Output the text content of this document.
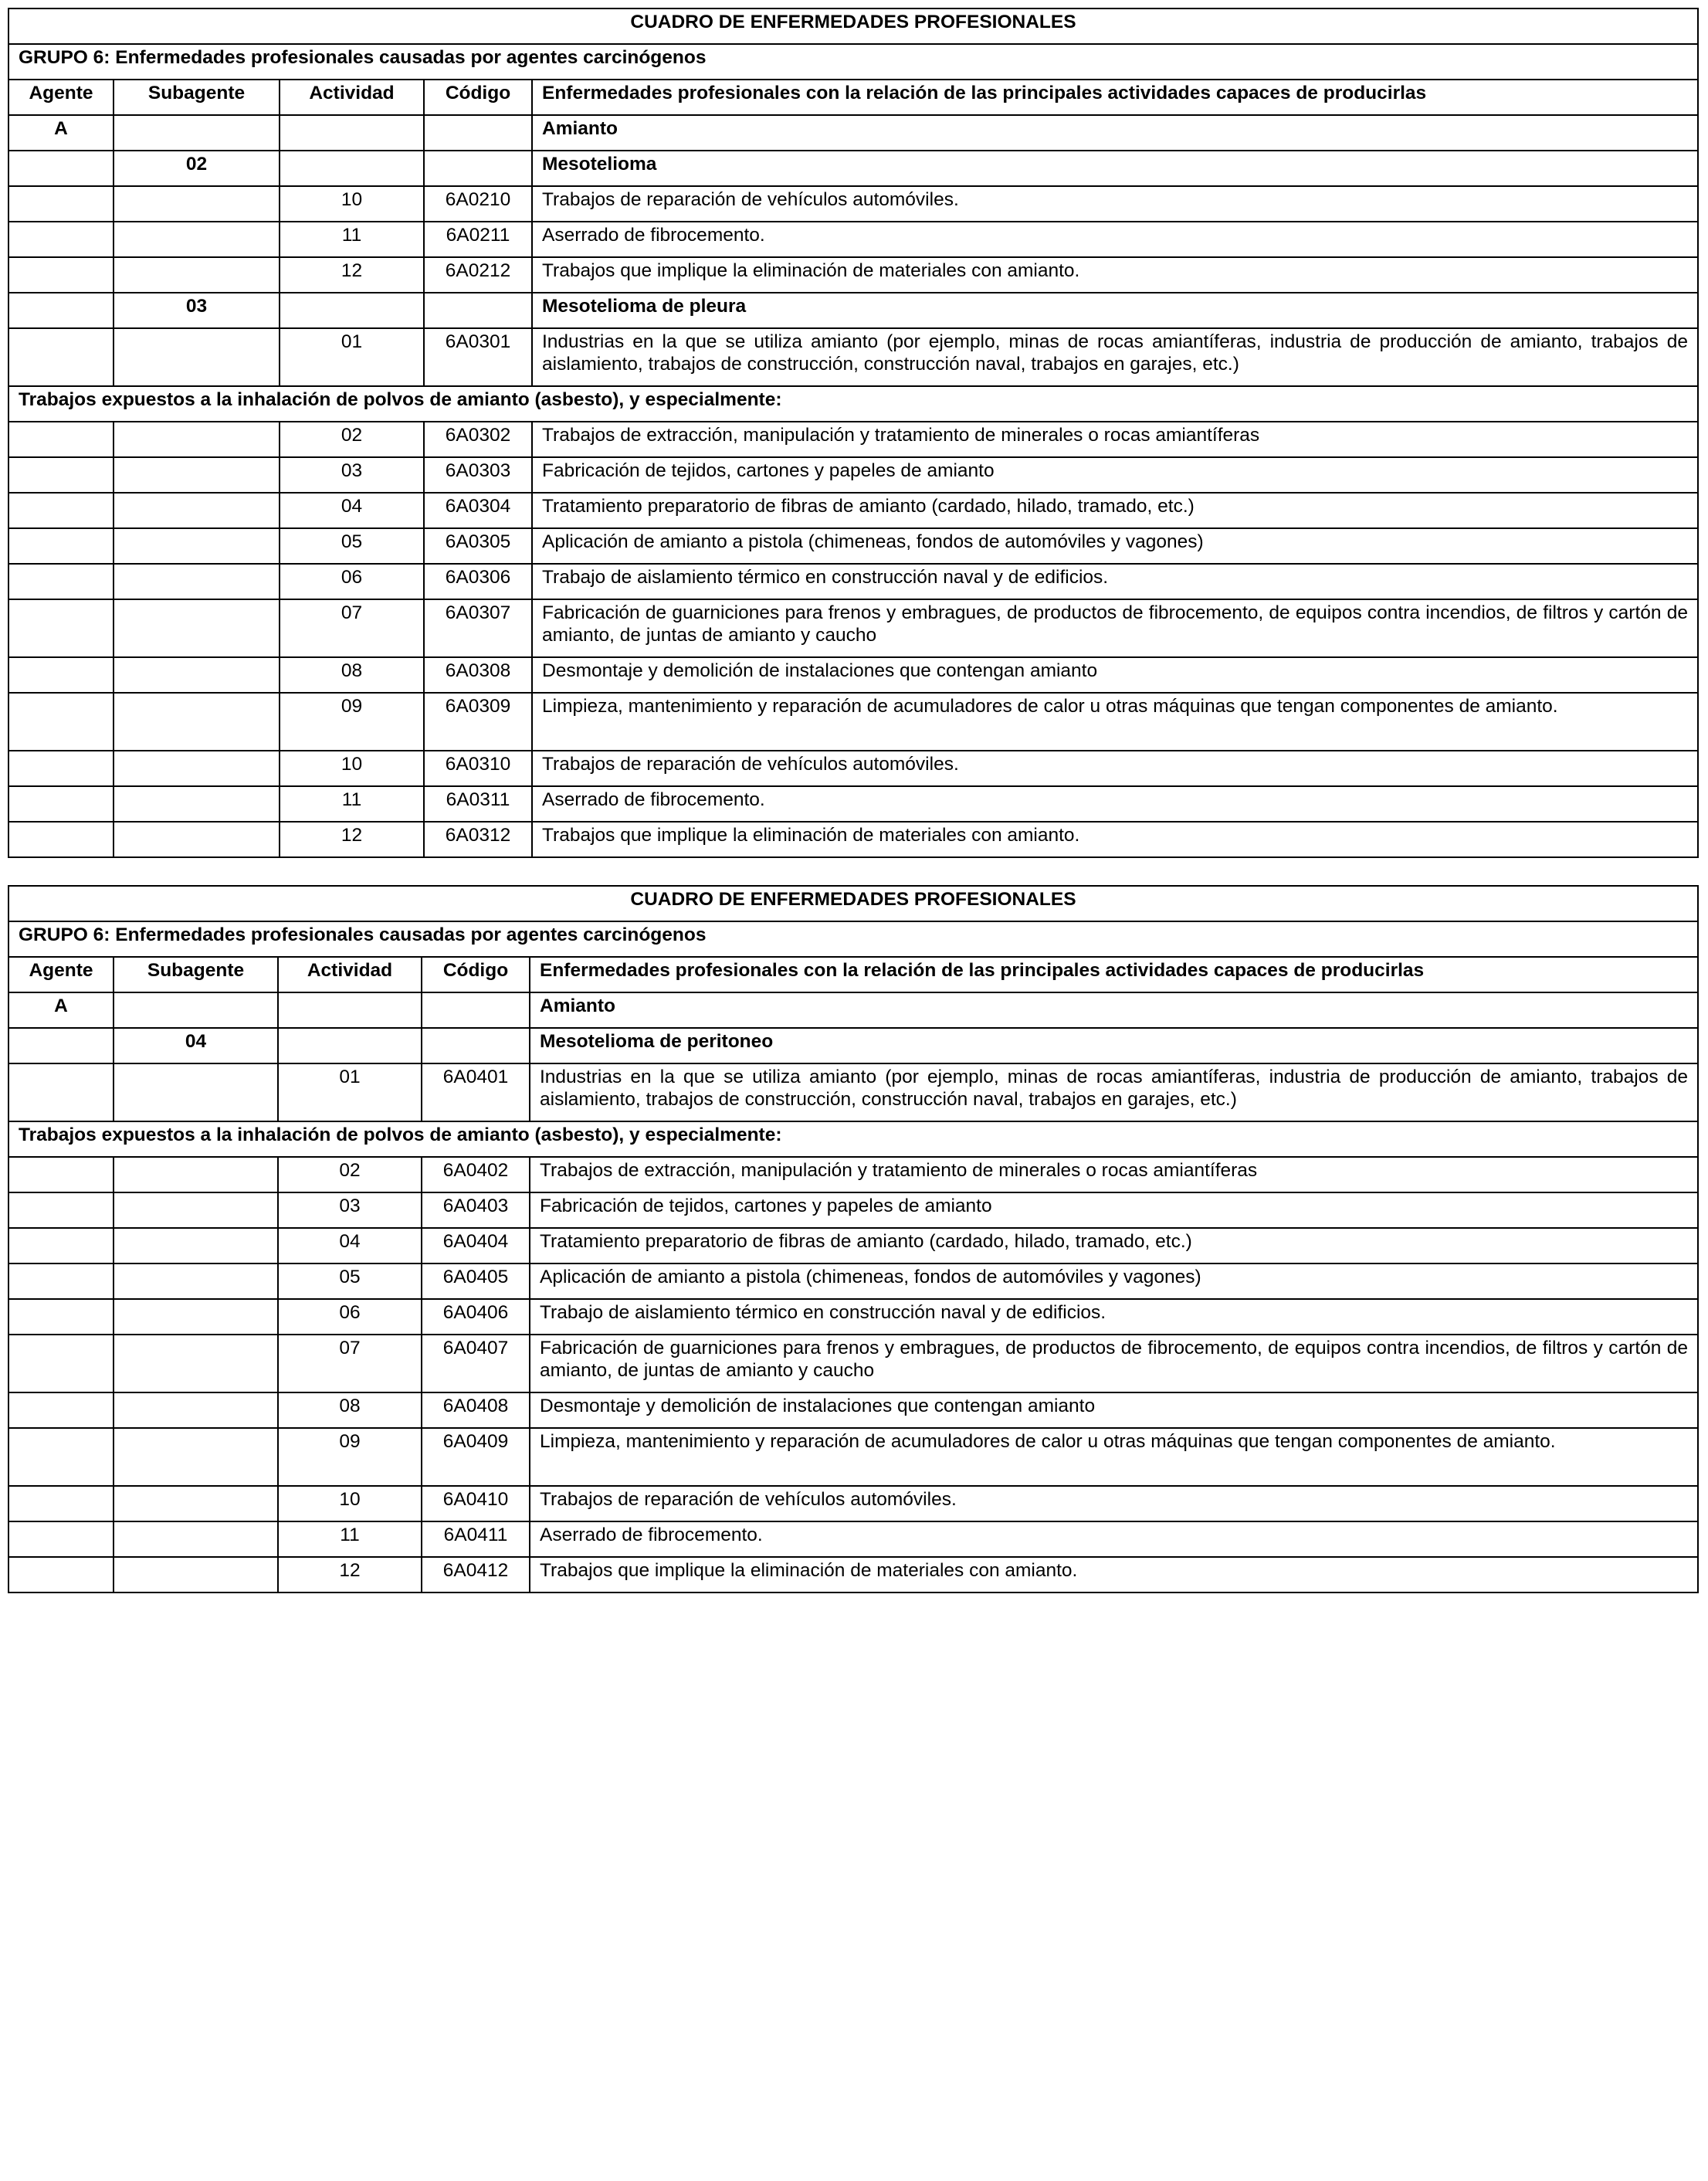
CUADRO DE ENFERMEDADES PROFESIONALES				
GRUPO 6: Enfermedades profesionales causadas por agentes carcinógenos				
Agente	Subagente	Actividad	Código	Enfermedades profesionales con la relación de las principales actividades capaces de producirlas
A				Amianto
	02			Mesotelioma
		10	6A0210	Trabajos de reparación de vehículos automóviles.
		11	6A0211	Aserrado de fibrocemento.
		12	6A0212	Trabajos que implique la eliminación de materiales con amianto.
	03			Mesotelioma de pleura
		01	6A0301	Industrias en la que se utiliza amianto (por ejemplo, minas de rocas amiantíferas, industria de producción de amianto, trabajos de aislamiento, trabajos de construcción, construcción naval, trabajos en garajes, etc.)
Trabajos expuestos a la inhalación de polvos de amianto (asbesto), y especialmente:				
		02	6A0302	Trabajos de extracción, manipulación y tratamiento de minerales o rocas amiantíferas
		03	6A0303	Fabricación de tejidos, cartones y papeles de amianto
		04	6A0304	Tratamiento preparatorio de fibras de amianto (cardado, hilado, tramado, etc.)
		05	6A0305	Aplicación de amianto a pistola (chimeneas, fondos de automóviles y vagones)
		06	6A0306	Trabajo de aislamiento térmico en construcción naval y de edificios.
		07	6A0307	Fabricación de guarniciones para frenos y embragues, de productos de fibrocemento, de equipos contra incendios, de filtros y cartón de amianto, de juntas de amianto y caucho
		08	6A0308	Desmontaje y demolición de instalaciones que contengan amianto
		09	6A0309	Limpieza, mantenimiento y reparación de acumuladores de calor u otras máquinas que tengan componentes de amianto.
		10	6A0310	Trabajos de reparación de vehículos automóviles.
		11	6A0311	Aserrado de fibrocemento.
		12	6A0312	Trabajos que implique la eliminación de materiales con amianto.
CUADRO DE ENFERMEDADES PROFESIONALES				
GRUPO 6: Enfermedades profesionales causadas por agentes carcinógenos				
Agente	Subagente	Actividad	Código	Enfermedades profesionales con la relación de las principales actividades capaces de producirlas
A				Amianto
	04			Mesotelioma de peritoneo
		01	6A0401	Industrias en la que se utiliza amianto (por ejemplo, minas de rocas amiantíferas, industria de producción de amianto, trabajos de aislamiento, trabajos de construcción, construcción naval, trabajos en garajes, etc.)
Trabajos expuestos a la inhalación de polvos de amianto (asbesto), y especialmente:				
		02	6A0402	Trabajos de extracción, manipulación y tratamiento de minerales o rocas amiantíferas
		03	6A0403	Fabricación de tejidos, cartones y papeles de amianto
		04	6A0404	Tratamiento preparatorio de fibras de amianto (cardado, hilado, tramado, etc.)
		05	6A0405	Aplicación de amianto a pistola (chimeneas, fondos de automóviles y vagones)
		06	6A0406	Trabajo de aislamiento térmico en construcción naval y de edificios.
		07	6A0407	Fabricación de guarniciones para frenos y embragues, de productos de fibrocemento, de equipos contra incendios, de filtros y cartón de amianto, de juntas de amianto y caucho
		08	6A0408	Desmontaje y demolición de instalaciones que contengan amianto
		09	6A0409	Limpieza, mantenimiento y reparación de acumuladores de calor u otras máquinas que tengan componentes de amianto.
		10	6A0410	Trabajos de reparación de vehículos automóviles.
		11	6A0411	Aserrado de fibrocemento.
		12	6A0412	Trabajos que implique la eliminación de materiales con amianto.
